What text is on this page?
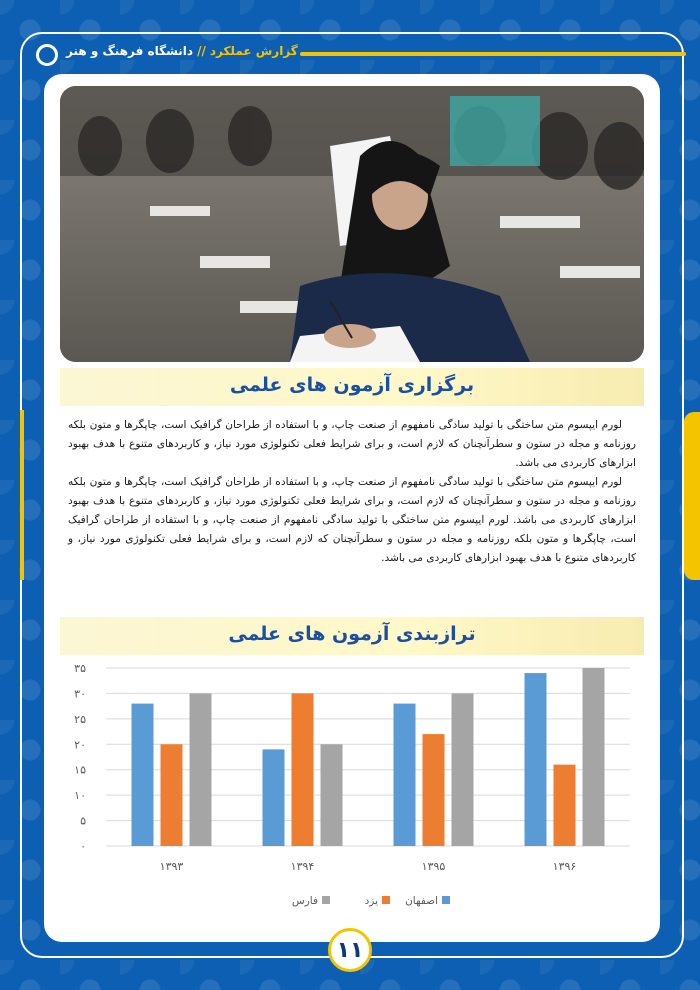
گزارش عملکرد
//
دانشگاه فرهنگ و هنر
برگزاری آزمون های علمی

لورم ایپسوم متن ساختگی با تولید سادگی نامفهوم از صنعت چاپ، و با استفاده از طراحان گرافیک است، چاپگرها و متون بلکه روزنامه و مجله در ستون و سطرآنچنان که لازم است، و برای شرایط فعلی تکنولوژی مورد نیاز، و کاربردهای متنوع با هدف بهبود ابزارهای کاربردی می باشد.

لورم ایپسوم متن ساختگی با تولید سادگی نامفهوم از صنعت چاپ، و با استفاده از طراحان گرافیک است، چاپگرها و متون بلکه روزنامه و مجله در ستون و سطرآنچنان که لازم است، و برای شرایط فعلی تکنولوژی مورد نیاز، و کاربردهای متنوع با هدف بهبود ابزارهای کاربردی می باشد. لورم ایپسوم متن ساختگی با تولید سادگی نامفهوم از صنعت چاپ، و با استفاده از طراحان گرافیک است، چاپگرها و متون بلکه روزنامه و مجله در ستون و سطرآنچنان که لازم است، و برای شرایط فعلی تکنولوژی مورد نیاز، و کاربردهای متنوع با هدف بهبود ابزارهای کاربردی می باشد.

ترازبندی آزمون های علمی
۰
۵
۱۰
۱۵
۲۰
۲۵
۳۰
۳۵
۱۳۹۳	۱۳۹۴	۱۳۹۵	۱۳۹۶
اصفهان
یزد
فارس
۱۱
